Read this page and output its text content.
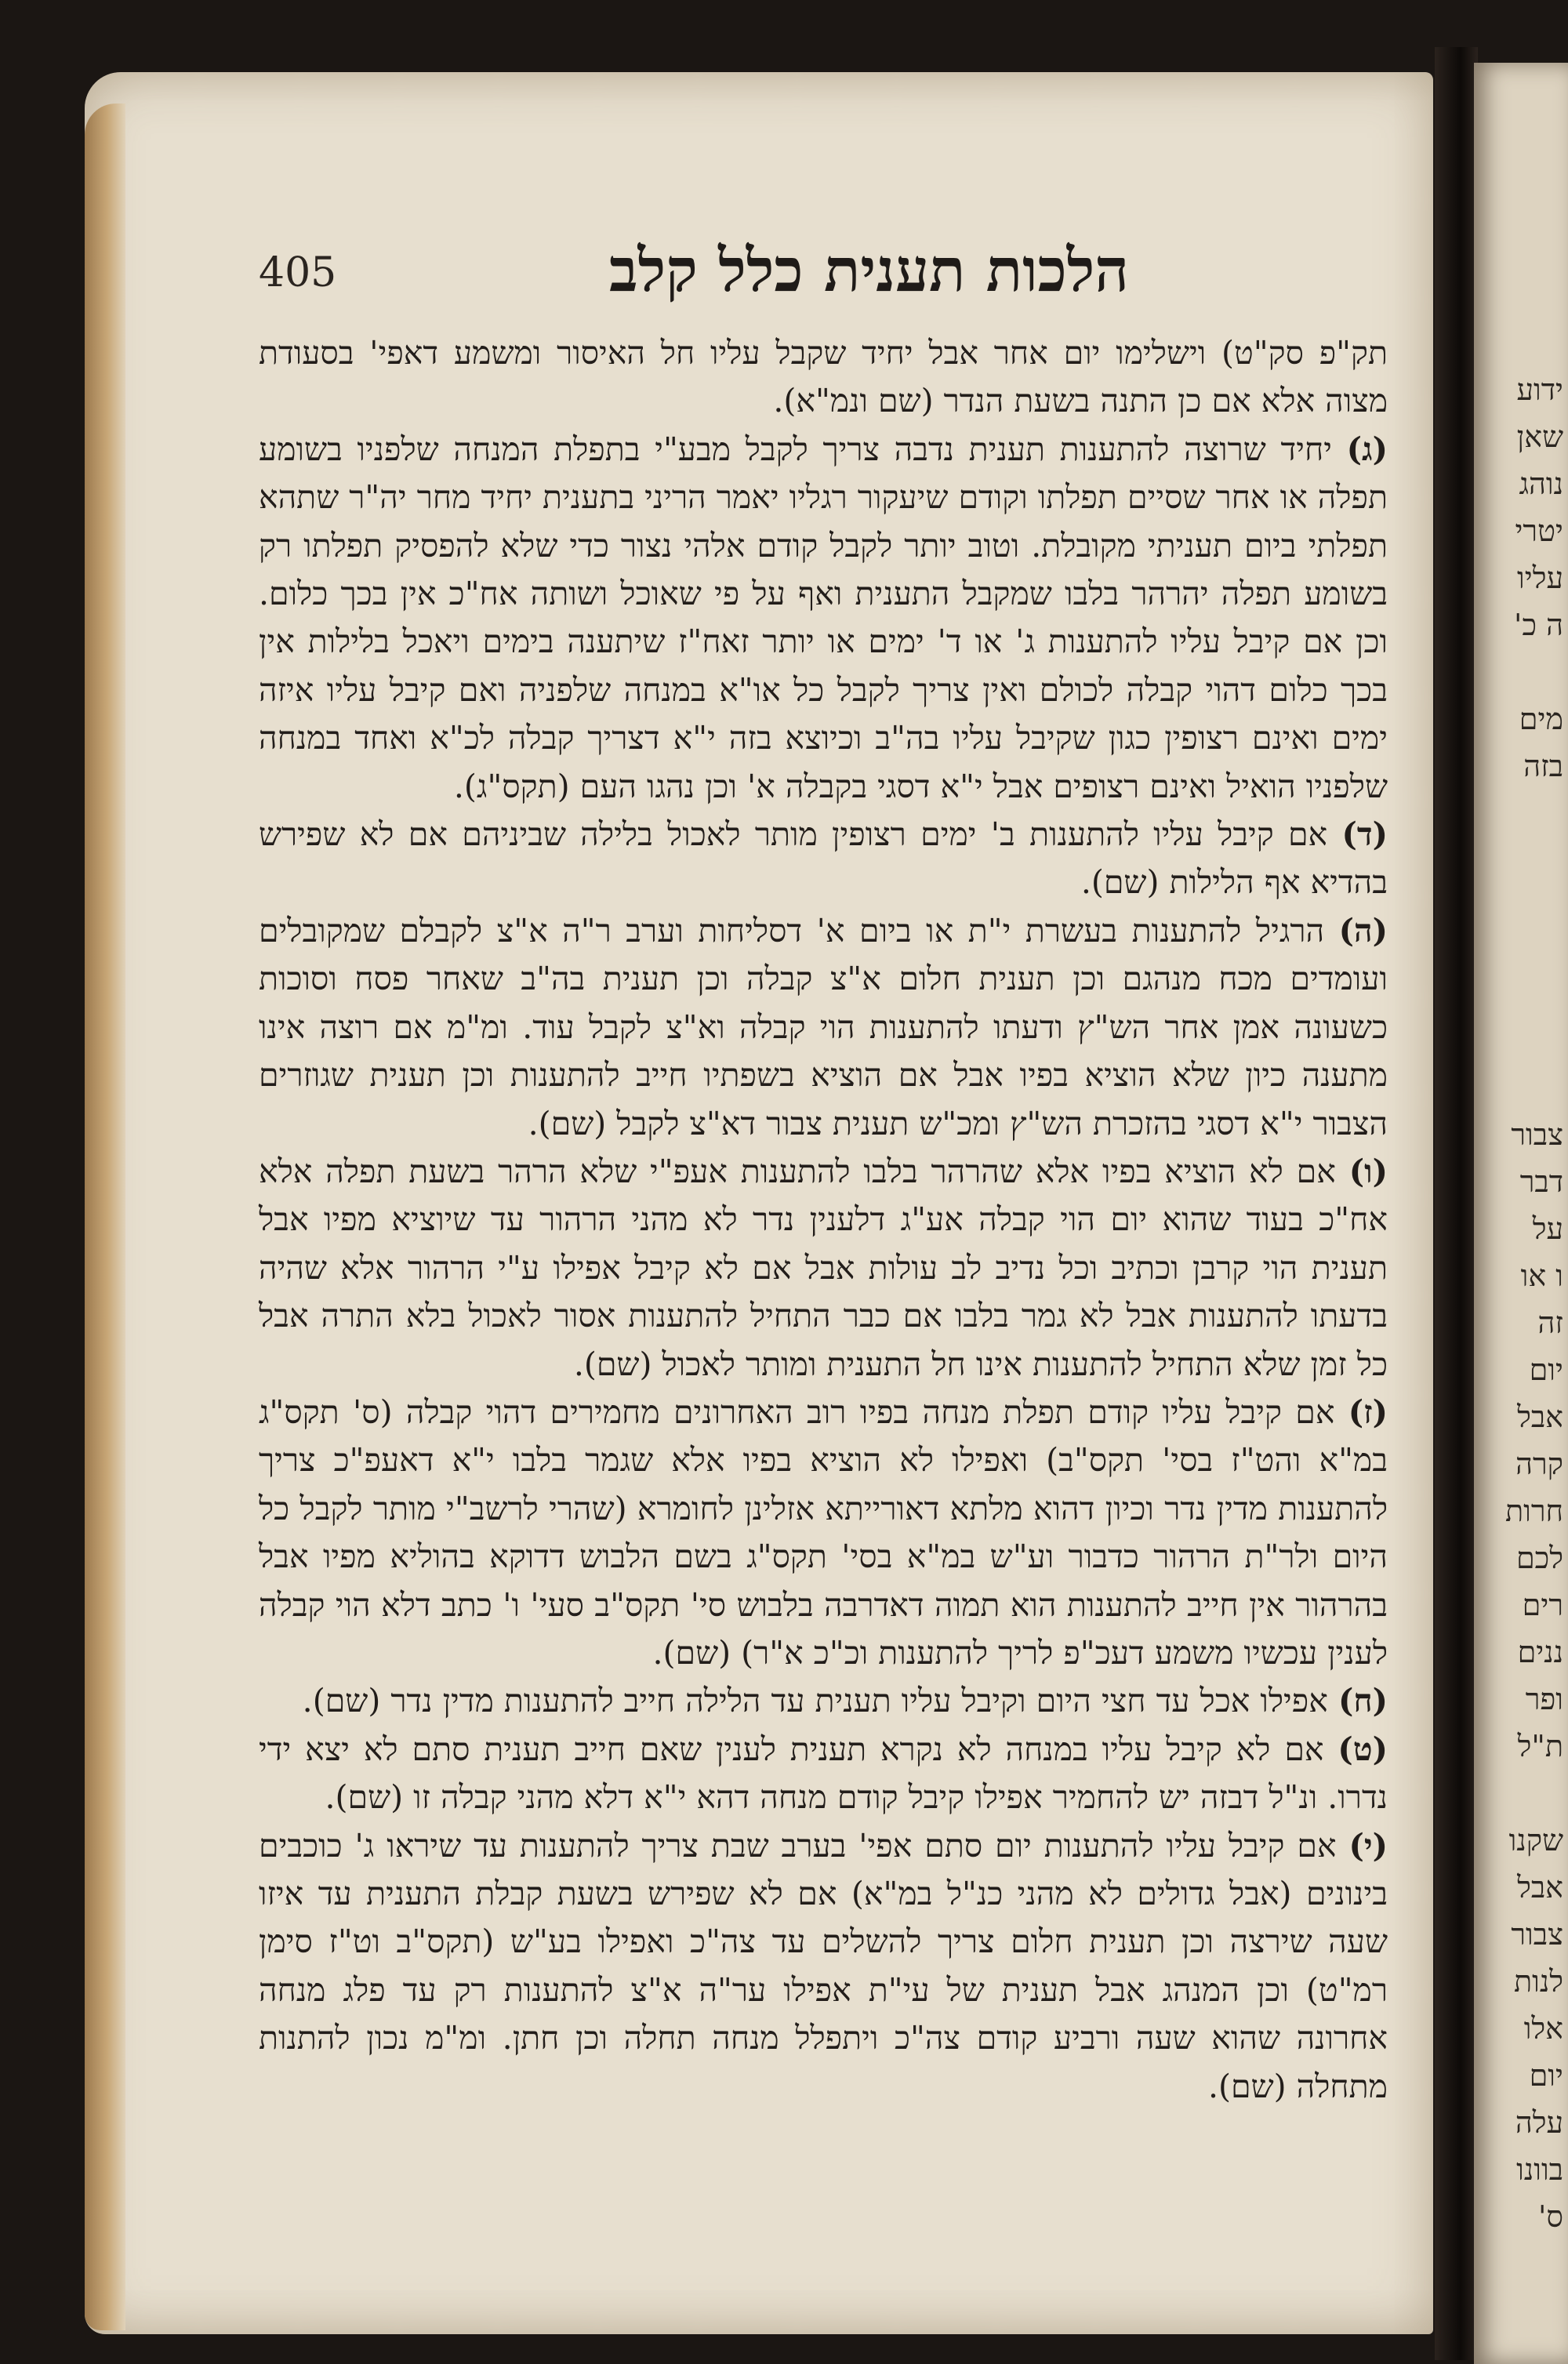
ידוע
שאן
נוהג
יטרי
עליו
ה כ'
מים
בזה
צבור
דבר
על
ו או
זה
יום
אבל
קרה
חרות
לכם
רים
ננים
ופר
ת"ל
שקנו
אבל
צבור
לנות
אלו
יום
עלה
בוונו
ס'
405	הלכות תענית כלל קלב

תק"פ סק"ט) וישלימו יום אחר אבל יחיד שקבל עליו חל האיסור ומשמע דאפי' בסעודת מצוה אלא אם כן התנה בשעת הנדר (שם ונמ"א).

(ג) יחיד שרוצה להתענות תענית נדבה צריך לקבל מבע"י בתפלת המנחה שלפניו בשומע תפלה או אחר שסיים תפלתו וקודם שיעקור רגליו יאמר הריני בתענית יחיד מחר יה"ר שתהא תפלתי ביום תעניתי מקובלת. וטוב יותר לקבל קודם אלהי נצור כדי שלא להפסיק תפלתו רק בשומע תפלה יהרהר בלבו שמקבל התענית ואף על פי שאוכל ושותה אח"כ אין בכך כלום. וכן אם קיבל עליו להתענות ג' או ד' ימים או יותר זאח"ז שיתענה בימים ויאכל בלילות אין בכך כלום דהוי קבלה לכולם ואין צריך לקבל כל או"א במנחה שלפניה ואם קיבל עליו איזה ימים ואינם רצופין כגון שקיבל עליו בה"ב וכיוצא בזה י"א דצריך קבלה לכ"א ואחד במנחה שלפניו הואיל ואינם רצופים אבל י"א דסגי בקבלה א' וכן נהגו העם (תקס"ג).

(ד) אם קיבל עליו להתענות ב' ימים רצופין מותר לאכול בלילה שביניהם אם לא שפירש בהדיא אף הלילות (שם).

(ה) הרגיל להתענות בעשרת י"ת או ביום א' דסליחות וערב ר"ה א"צ לקבלם שמקובלים ועומדים מכח מנהגם וכן תענית חלום א"צ קבלה וכן תענית בה"ב שאחר פסח וסוכות כשעונה אמן אחר הש"ץ ודעתו להתענות הוי קבלה וא"צ לקבל עוד. ומ"מ אם רוצה אינו מתענה כיון שלא הוציא בפיו אבל אם הוציא בשפתיו חייב להתענות וכן תענית שגוזרים הצבור י"א דסגי בהזכרת הש"ץ ומכ"ש תענית צבור דא"צ לקבל (שם).

(ו) אם לא הוציא בפיו אלא שהרהר בלבו להתענות אעפ"י שלא הרהר בשעת תפלה אלא אח"כ בעוד שהוא יום הוי קבלה אע"ג דלענין נדר לא מהני הרהור עד שיוציא מפיו אבל תענית הוי קרבן וכתיב וכל נדיב לב עולות אבל אם לא קיבל אפילו ע"י הרהור אלא שהיה בדעתו להתענות אבל לא גמר בלבו אם כבר התחיל להתענות אסור לאכול בלא התרה אבל כל זמן שלא התחיל להתענות אינו חל התענית ומותר לאכול (שם).

(ז) אם קיבל עליו קודם תפלת מנחה בפיו רוב האחרונים מחמירים דהוי קבלה (ס' תקס"ג במ"א והט"ז בסי' תקס"ב) ואפילו לא הוציא בפיו אלא שגמר בלבו י"א דאעפ"כ צריך להתענות מדין נדר וכיון דהוא מלתא דאורייתא אזלינן לחומרא (שהרי לרשב"י מותר לקבל כל היום ולר"ת הרהור כדבור וע"ש במ"א בסי' תקס"ג בשם הלבוש דדוקא בהוליא מפיו אבל בהרהור אין חייב להתענות הוא תמוה דאדרבה בלבוש סי' תקס"ב סעי' ו' כתב דלא הוי קבלה לענין עכשיו משמע דעכ"פ לריך להתענות וכ"כ א"ר) (שם).

(ח) אפילו אכל עד חצי היום וקיבל עליו תענית עד הלילה חייב להתענות מדין נדר (שם).

(ט) אם לא קיבל עליו במנחה לא נקרא תענית לענין שאם חייב תענית סתם לא יצא ידי נדרו. ונ"ל דבזה יש להחמיר אפילו קיבל קודם מנחה דהא י"א דלא מהני קבלה זו (שם).

(י) אם קיבל עליו להתענות יום סתם אפי' בערב שבת צריך להתענות עד שיראו ג' כוכבים בינונים (אבל גדולים לא מהני כנ"ל במ"א) אם לא שפירש בשעת קבלת התענית עד איזו שעה שירצה וכן תענית חלום צריך להשלים עד צה"כ ואפילו בע"ש (תקס"ב וט"ז סימן רמ"ט) וכן המנהג אבל תענית של עי"ת אפילו ער"ה א"צ להתענות רק עד פלג מנחה אחרונה שהוא שעה ורביע קודם צה"כ ויתפלל מנחה תחלה וכן חתן. ומ"מ נכון להתנות מתחלה (שם).
